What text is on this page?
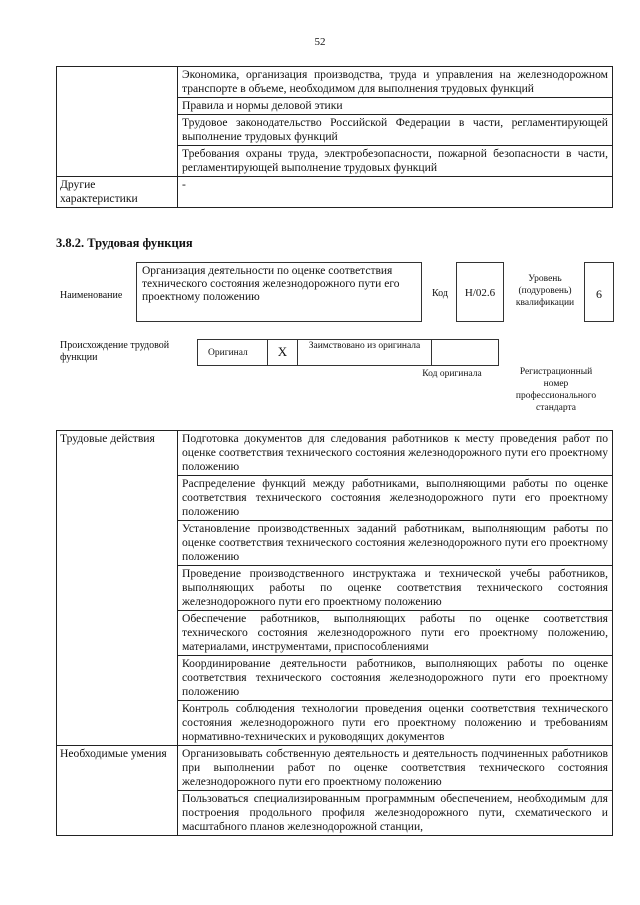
52
	Экономика, организация производства, труда и управления на железнодорожном транспорте в объеме, необходимом для выполнения трудовых функций
	Правила и нормы деловой этики
	Трудовое законодательство Российской Федерации в части, регламентирующей выполнение трудовых функций
	Требования охраны труда, электробезопасности, пожарной безопасности в части, регламентирующей выполнение трудовых функций
Другие характеристики	-
3.8.2. Трудовая функция
Наименование
Организация деятельности по оценке соответствия технического состояния железнодорожного пути его проектному положению	Код	Н/02.6
Уровень (подуровень) квалификации
6
Происхождение трудовой функции	Оригинал	X	Заимствовано из оригинала
Код оригинала	Регистрационный номер профессионального стандарта
Трудовые действия	Подготовка документов для следования работников к месту проведения работ по оценке соответствия технического состояния железнодорожного пути его проектному положению
	Распределение функций между работниками, выполняющими работы по оценке соответствия технического состояния железнодорожного пути его проектному положению
	Установление производственных заданий работникам, выполняющим работы по оценке соответствия технического состояния железнодорожного пути его проектному положению
	Проведение производственного инструктажа и технической учебы работников, выполняющих работы по оценке соответствия технического состояния железнодорожного пути его проектному положению
	Обеспечение работников, выполняющих работы по оценке соответствия технического состояния железнодорожного пути его проектному положению, материалами, инструментами, приспособлениями
	Координирование деятельности работников, выполняющих работы по оценке соответствия технического состояния железнодорожного пути его проектному положению
	Контроль соблюдения технологии проведения оценки соответствия технического состояния железнодорожного пути его проектному положению и требованиям нормативно-технических и руководящих документов
Необходимые умения	Организовывать собственную деятельность и деятельность подчиненных работников при выполнении работ по оценке соответствия технического состояния железнодорожного пути его проектному положению
	Пользоваться специализированным программным обеспечением, необходимым для построения продольного профиля железнодорожного пути, схематического и масштабного планов железнодорожной станции,
